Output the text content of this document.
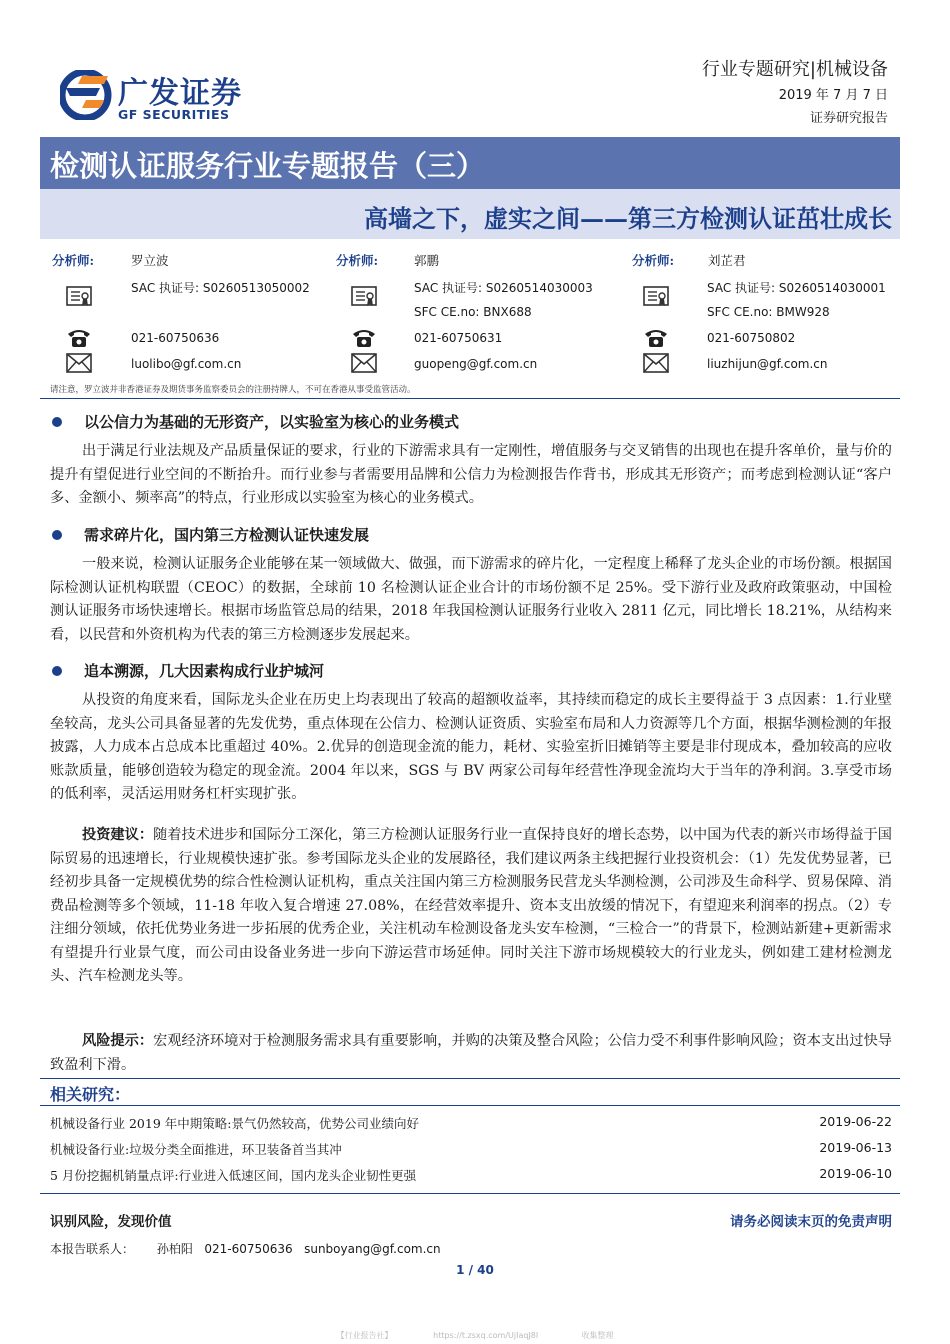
广发证券
GF SECURITIES
行业专题研究|机械设备
2019 年 7 月 7 日
证券研究报告
检测认证服务行业专题报告（三）
高墙之下，虚实之间——第三方检测认证茁壮成长
分析师:	罗立波
SAC 执证号: S0260513050002
021-60750636
luolibo@gf.com.cn
分析师:	郭鹏
SAC 执证号: S0260514030003
SFC CE.no: BNX688
021-60750631
guopeng@gf.com.cn
分析师:	刘芷君
SAC 执证号: S0260514030001
SFC CE.no: BMW928
021-60750802
liuzhijun@gf.com.cn
请注意，罗立波并非香港证券及期货事务监察委员会的注册持牌人，不可在香港从事受监管活动。
以公信力为基础的无形资产，以实验室为核心的业务模式

出于满足行业法规及产品质量保证的要求，行业的下游需求具有一定刚性，增值服务与交叉销售的出现也在提升客单价，量与价的提升有望促进行业空间的不断抬升。而行业参与者需要用品牌和公信力为检测报告作背书，形成其无形资产；而考虑到检测认证“客户多、金额小、频率高”的特点，行业形成以实验室为核心的业务模式。

需求碎片化，国内第三方检测认证快速发展

一般来说，检测认证服务企业能够在某一领域做大、做强，而下游需求的碎片化，一定程度上稀释了龙头企业的市场份额。根据国际检测认证机构联盟（CEOC）的数据，全球前 10 名检测认证企业合计的市场份额不足 25%。受下游行业及政府政策驱动，中国检测认证服务市场快速增长。根据市场监管总局的结果，2018 年我国检测认证服务行业收入 2811 亿元，同比增长 18.21%，从结构来看，以民营和外资机构为代表的第三方检测逐步发展起来。

追本溯源，几大因素构成行业护城河

从投资的角度来看，国际龙头企业在历史上均表现出了较高的超额收益率，其持续而稳定的成长主要得益于 3 点因素：1.行业壁垒较高，龙头公司具备显著的先发优势，重点体现在公信力、检测认证资质、实验室布局和人力资源等几个方面，根据华测检测的年报披露，人力成本占总成本比重超过 40%。2.优异的创造现金流的能力，耗材、实验室折旧摊销等主要是非付现成本，叠加较高的应收账款质量，能够创造较为稳定的现金流。2004 年以来，SGS 与 BV 两家公司每年经营性净现金流均大于当年的净利润。3.享受市场的低利率，灵活运用财务杠杆实现扩张。

投资建议：随着技术进步和国际分工深化，第三方检测认证服务行业一直保持良好的增长态势，以中国为代表的新兴市场得益于国际贸易的迅速增长，行业规模快速扩张。参考国际龙头企业的发展路径，我们建议两条主线把握行业投资机会：（1）先发优势显著，已经初步具备一定规模优势的综合性检测认证机构，重点关注国内第三方检测服务民营龙头华测检测，公司涉及生命科学、贸易保障、消费品检测等多个领域，11-18 年收入复合增速 27.08%，在经营效率提升、资本支出放缓的情况下，有望迎来利润率的拐点。（2）专注细分领域，依托优势业务进一步拓展的优秀企业，关注机动车检测设备龙头安车检测，“三检合一”的背景下，检测站新建+更新需求有望提升行业景气度，而公司由设备业务进一步向下游运营市场延伸。同时关注下游市场规模较大的行业龙头，例如建工建材检测龙头、汽车检测龙头等。

风险提示：宏观经济环境对于检测服务需求具有重要影响，并购的决策及整合风险；公信力受不利事件影响风险；资本支出过快导致盈利下滑。

相关研究：
机械设备行业 2019 年中期策略:景气仍然较高，优势公司业绩向好	2019-06-22
机械设备行业:垃圾分类全面推进，环卫装备首当其冲	2019-06-13
5 月份挖掘机销量点评:行业进入低速区间，国内龙头企业韧性更强	2019-06-10
识别风险，发现价值	请务必阅读末页的免责声明
本报告联系人：      孙柏阳   021-60750636   sunboyang@gf.com.cn
1 / 40
【行业报告社】                https://t.zsxq.com/UjIaqJ8I                 收集整理
